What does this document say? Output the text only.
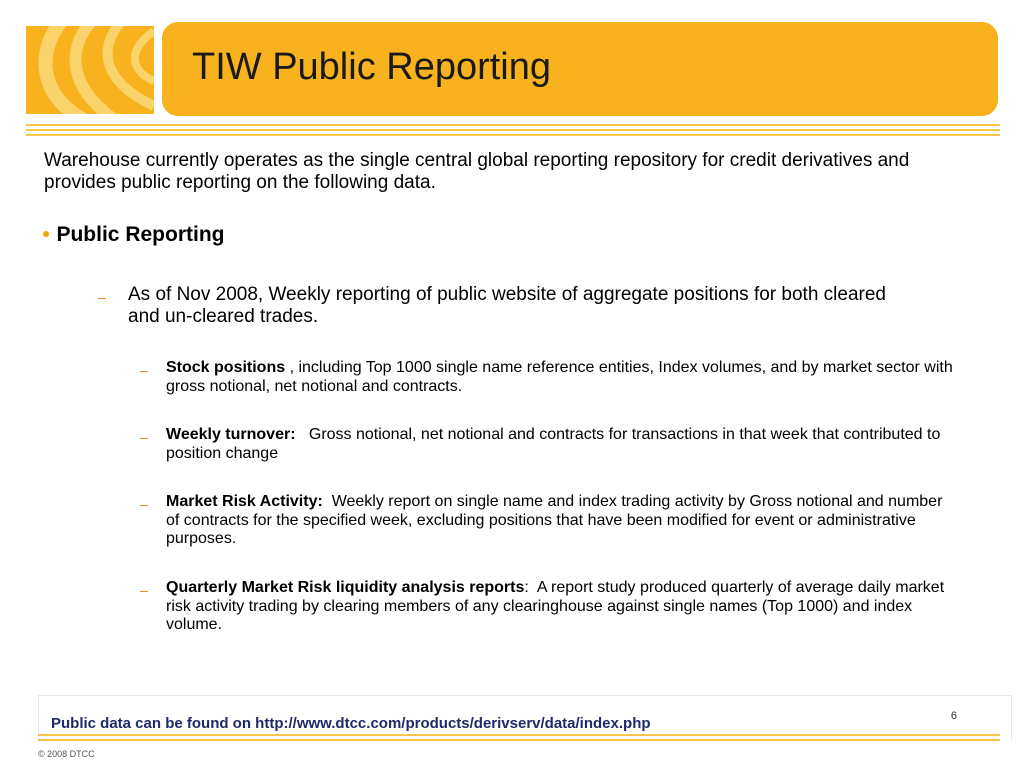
TIW Public Reporting

Warehouse currently operates as the single central global reporting repository for credit derivatives and provides public reporting on the following data.

● Public Reporting
– As of Nov 2008, Weekly reporting of public website of aggregate positions for both cleared and un-cleared trades.
– Stock positions , including Top 1000 single name reference entities, Index volumes, and by market sector with gross notional, net notional and contracts.
– Weekly turnover:   Gross notional, net notional and contracts for transactions in that week that contributed to position change
– Market Risk Activity:  Weekly report on single name and index trading activity by Gross notional and number of contracts for the specified week, excluding positions that have been modified for event or administrative purposes.
– Quarterly Market Risk liquidity analysis reports:  A report study produced quarterly of average daily market risk activity trading by clearing members of any clearinghouse against single names (Top 1000) and index volume.
Public data can be found on http://www.dtcc.com/products/derivserv/data/index.php	6
© 2008 DTCC
